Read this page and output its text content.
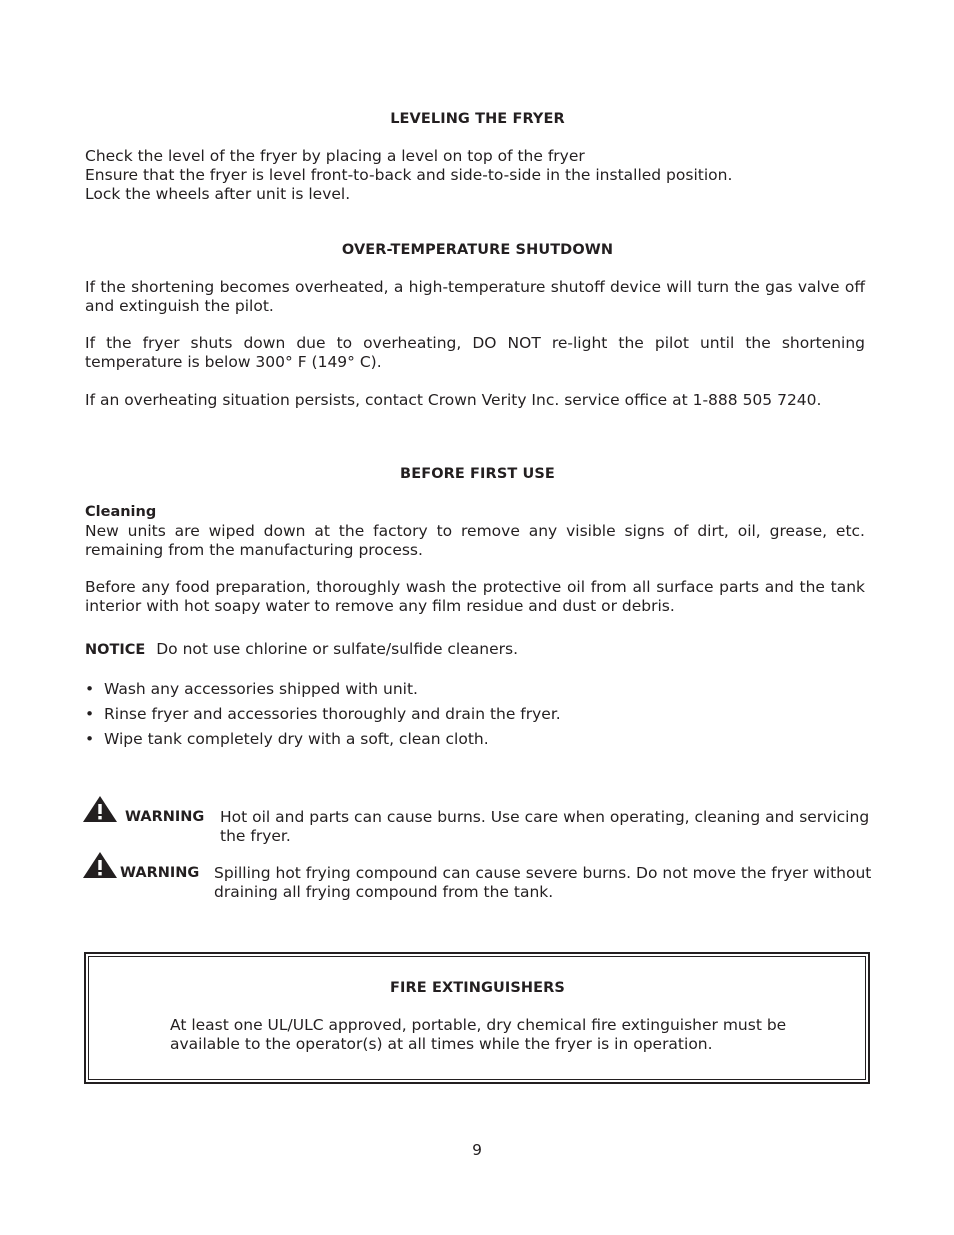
LEVELING THE FRYER
Check the level of the fryer by placing a level on top of the fryer
Ensure that the fryer is level front-to-back and side-to-side in the installed position.
Lock the wheels after unit is level.
OVER-TEMPERATURE SHUTDOWN
If the shortening becomes overheated, a high-temperature shutoff device will turn the gas valve off and extinguish the pilot.
If the fryer shuts down due to overheating, DO NOT re-light the pilot until the shortening temperature is below 300° F (149° C).
If an overheating situation persists, contact Crown Verity Inc. service office at 1-888 505 7240.
BEFORE FIRST USE
Cleaning
New units are wiped down at the factory to remove any visible signs of dirt, oil, grease, etc. remaining from the manufacturing process.
Before any food preparation, thoroughly wash the protective oil from all surface parts and the tank interior with hot soapy water to remove any film residue and dust or debris.
NOTICE Do not use chlorine or sulfate/sulfide cleaners.
• Wash any accessories shipped with unit.
• Rinse fryer and accessories thoroughly and drain the fryer.
• Wipe tank completely dry with a soft, clean cloth.
WARNING Hot oil and parts can cause burns. Use care when operating, cleaning and servicing
the fryer.
WARNING Spilling hot frying compound can cause severe burns. Do not move the fryer without
draining all frying compound from the tank.
FIRE EXTINGUISHERS
At least one UL/ULC approved, portable, dry chemical fire extinguisher must be
available to the operator(s) at all times while the fryer is in operation.
9
